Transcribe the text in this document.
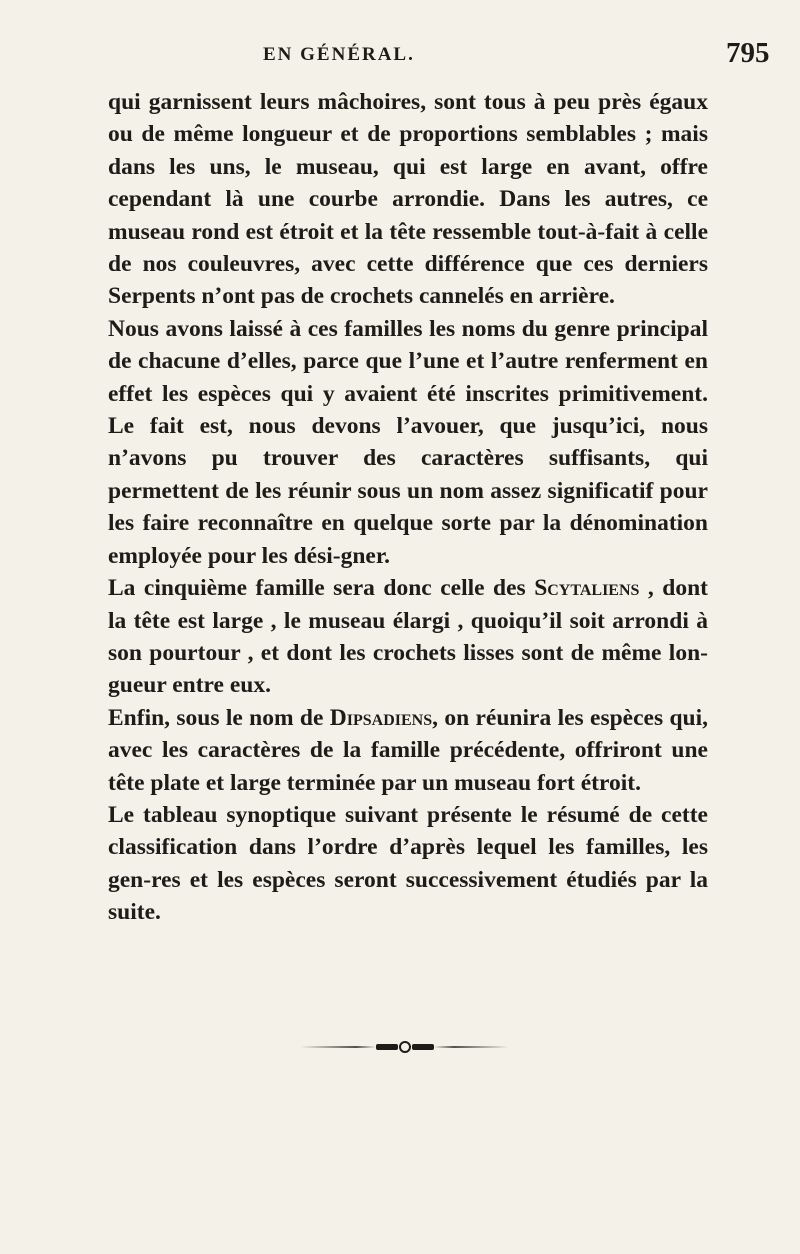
EN GÉNÉRAL.	795

qui garnissent leurs mâchoires, sont tous à peu près égaux ou de même longueur et de proportions semblables ; mais dans les uns, le museau, qui est large en avant, offre cependant là une courbe arrondie. Dans les autres, ce museau rond est étroit et la tête ressemble tout-à-fait à celle de nos couleuvres, avec cette différence que ces derniers Serpents n’ont pas de crochets cannelés en arrière.

Nous avons laissé à ces familles les noms du genre principal de chacune d’elles, parce que l’une et l’autre renferment en effet les espèces qui y avaient été inscrites primitivement. Le fait est, nous devons l’avouer, que jusqu’ici, nous n’avons pu trouver des caractères suffisants, qui permettent de les réunir sous un nom assez significatif pour les faire reconnaître en quelque sorte par la dénomination employée pour les dési-gner.

La cinquième famille sera donc celle des Scytaliens , dont la tête est large , le museau élargi , quoiqu’il soit arrondi à son pourtour , et dont les crochets lisses sont de même lon-gueur entre eux.

Enfin, sous le nom de Dipsadiens, on réunira les espèces qui, avec les caractères de la famille précédente, offriront une tête plate et large terminée par un museau fort étroit.

Le tableau synoptique suivant présente le résumé de cette classification dans l’ordre d’après lequel les familles, les gen-res et les espèces seront successivement étudiés par la suite.
